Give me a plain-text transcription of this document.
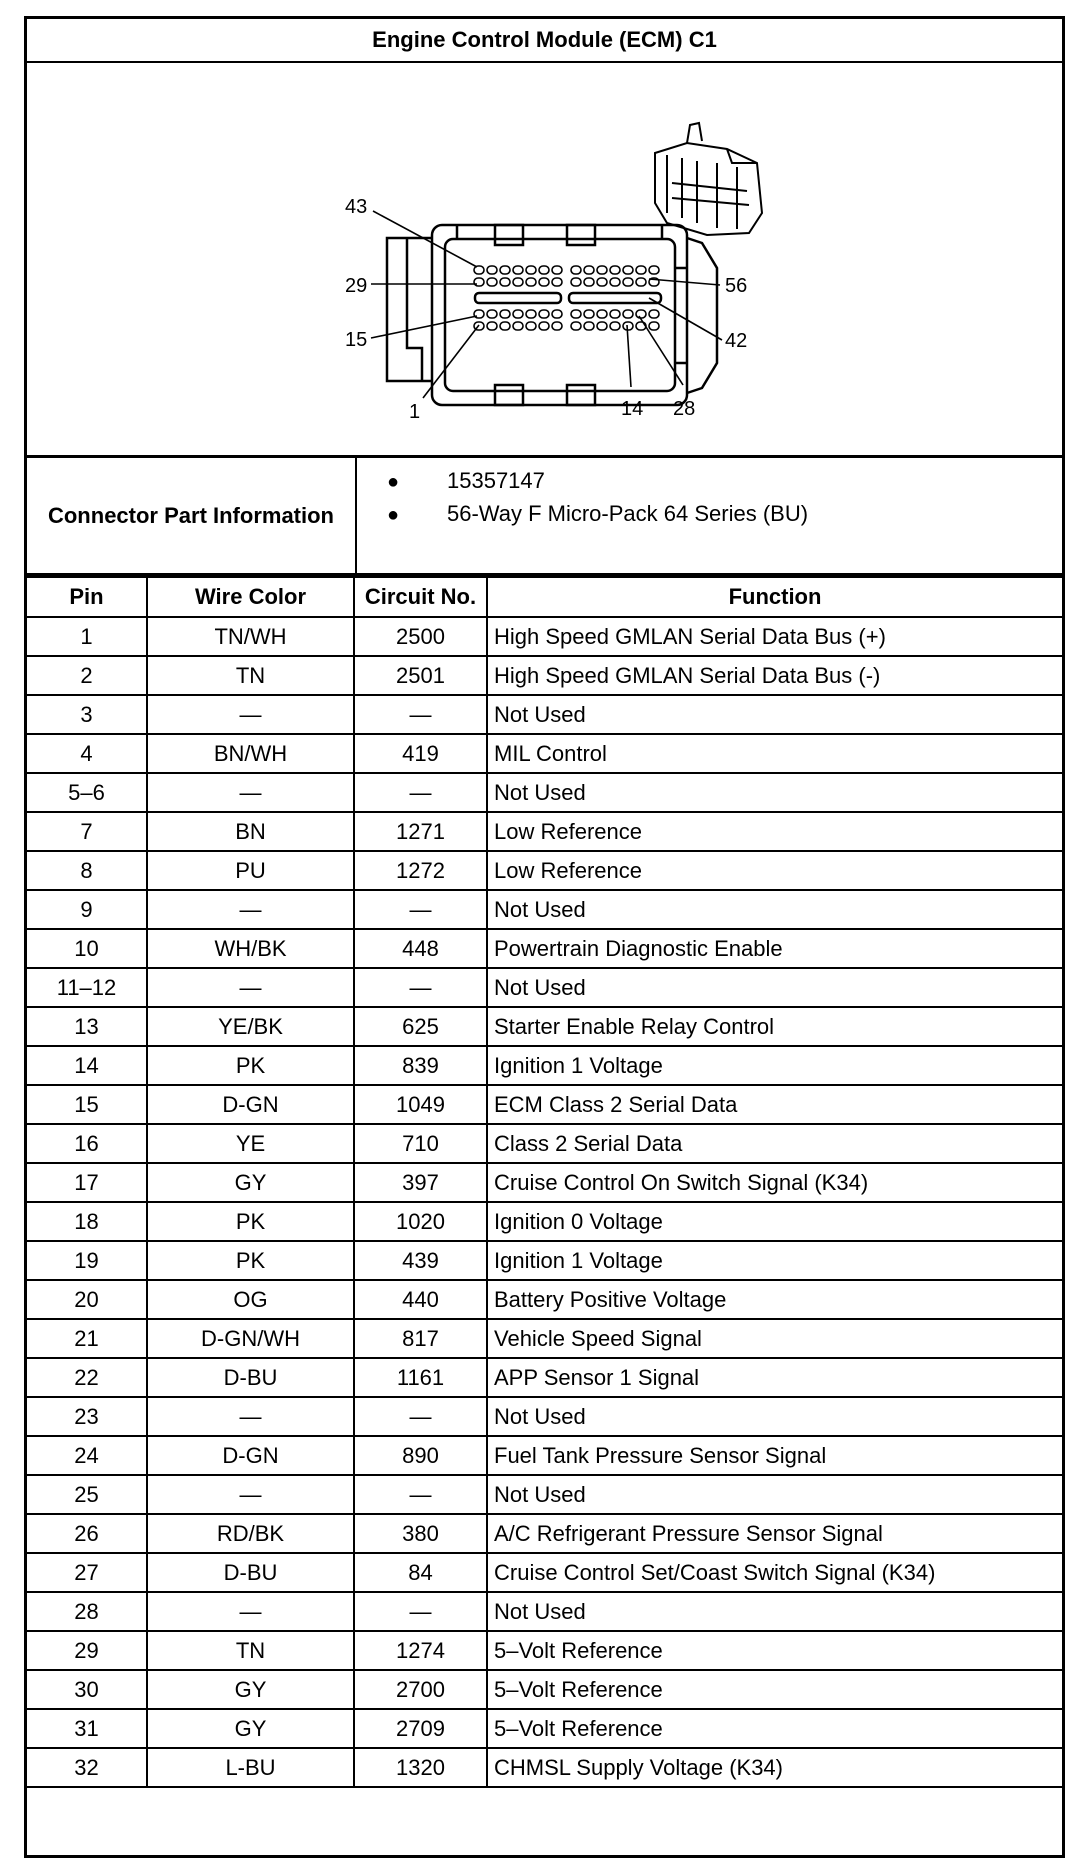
Engine Control Module (ECM) C1
43
29
15
1
56
42
14 28
Connector Part Information
● 15357147
● 56-Way F Micro-Pack 64 Series (BU)
Pin	Wire Color	Circuit No.	Function
1	TN/WH	2500	High Speed GMLAN Serial Data Bus (+)
2	TN	2501	High Speed GMLAN Serial Data Bus (-)
3	—	—	Not Used
4	BN/WH	419	MIL Control
5–6	—	—	Not Used
7	BN	1271	Low Reference
8	PU	1272	Low Reference
9	—	—	Not Used
10	WH/BK	448	Powertrain Diagnostic Enable
11–12	—	—	Not Used
13	YE/BK	625	Starter Enable Relay Control
14	PK	839	Ignition 1 Voltage
15	D-GN	1049	ECM Class 2 Serial Data
16	YE	710	Class 2 Serial Data
17	GY	397	Cruise Control On Switch Signal (K34)
18	PK	1020	Ignition 0 Voltage
19	PK	439	Ignition 1 Voltage
20	OG	440	Battery Positive Voltage
21	D-GN/WH	817	Vehicle Speed Signal
22	D-BU	1161	APP Sensor 1 Signal
23	—	—	Not Used
24	D-GN	890	Fuel Tank Pressure Sensor Signal
25	—	—	Not Used
26	RD/BK	380	A/C Refrigerant Pressure Sensor Signal
27	D-BU	84	Cruise Control Set/Coast Switch Signal (K34)
28	—	—	Not Used
29	TN	1274	5–Volt Reference
30	GY	2700	5–Volt Reference
31	GY	2709	5–Volt Reference
32	L-BU	1320	CHMSL Supply Voltage (K34)
